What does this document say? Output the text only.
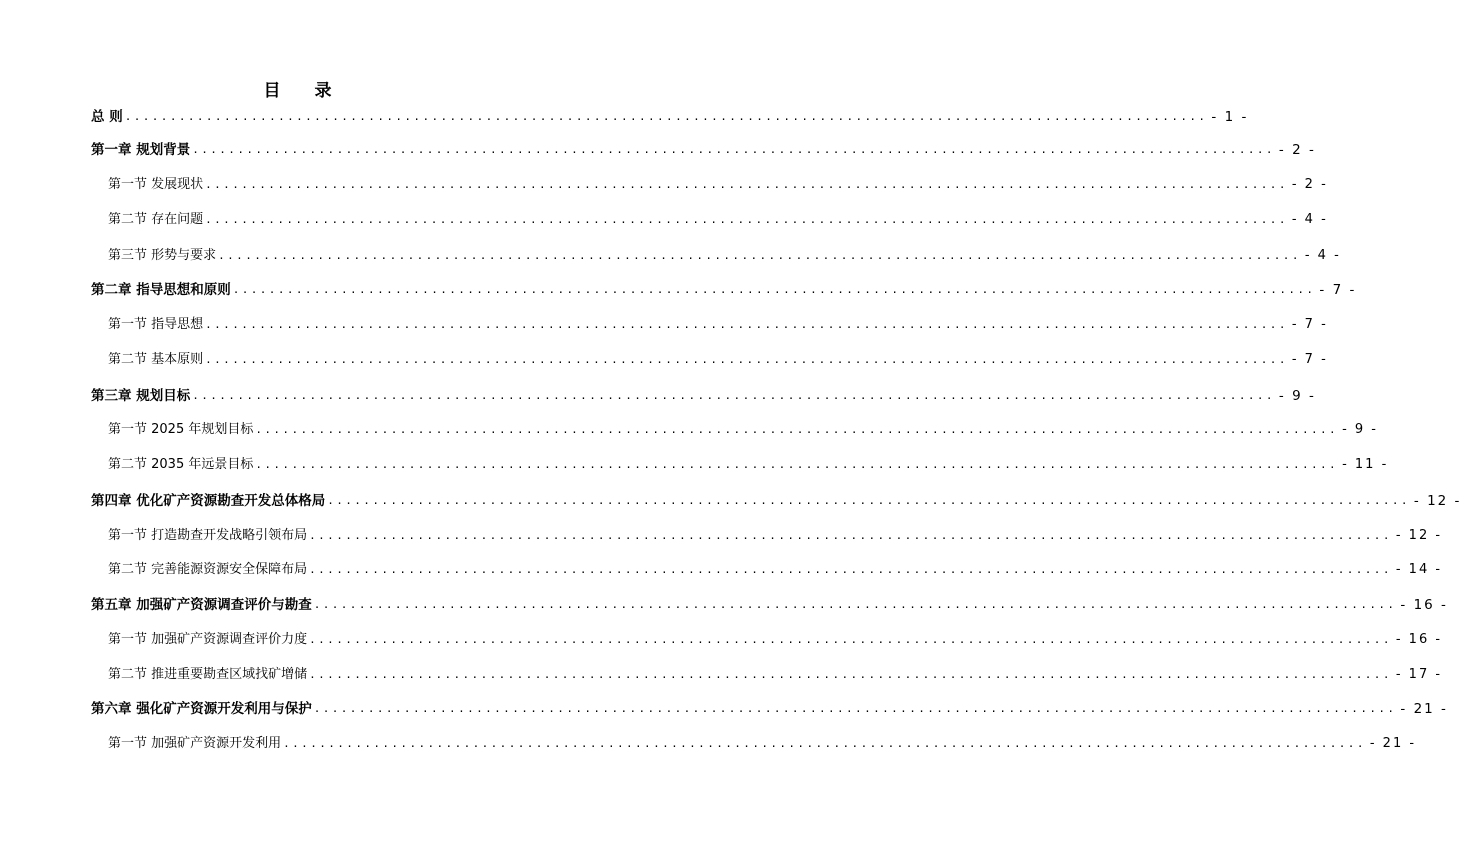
目 录
总 则 ........................................................................................................................ - 1 -
第一章 规划背景 ........................................................................................................................ - 2 -
第一节 发展现状 ........................................................................................................................ - 2 -
第二节 存在问题 ........................................................................................................................ - 4 -
第三节 形势与要求 ........................................................................................................................ - 4 -
第二章 指导思想和原则 ........................................................................................................................ - 7 -
第一节 指导思想 ........................................................................................................................ - 7 -
第二节 基本原则 ........................................................................................................................ - 7 -
第三章 规划目标 ........................................................................................................................ - 9 -
第一节 2025 年规划目标 ........................................................................................................................ - 9 -
第二节 2035 年远景目标 ........................................................................................................................ - 11 -
第四章 优化矿产资源勘查开发总体格局 ........................................................................................................................ - 12 -
第一节 打造勘查开发战略引领布局 ........................................................................................................................ - 12 -
第二节 完善能源资源安全保障布局 ........................................................................................................................ - 14 -
第五章 加强矿产资源调查评价与勘查 ........................................................................................................................ - 16 -
第一节 加强矿产资源调查评价力度 ........................................................................................................................ - 16 -
第二节 推进重要勘查区域找矿增储 ........................................................................................................................ - 17 -
第六章 强化矿产资源开发利用与保护 ........................................................................................................................ - 21 -
第一节 加强矿产资源开发利用 ........................................................................................................................ - 21 -
